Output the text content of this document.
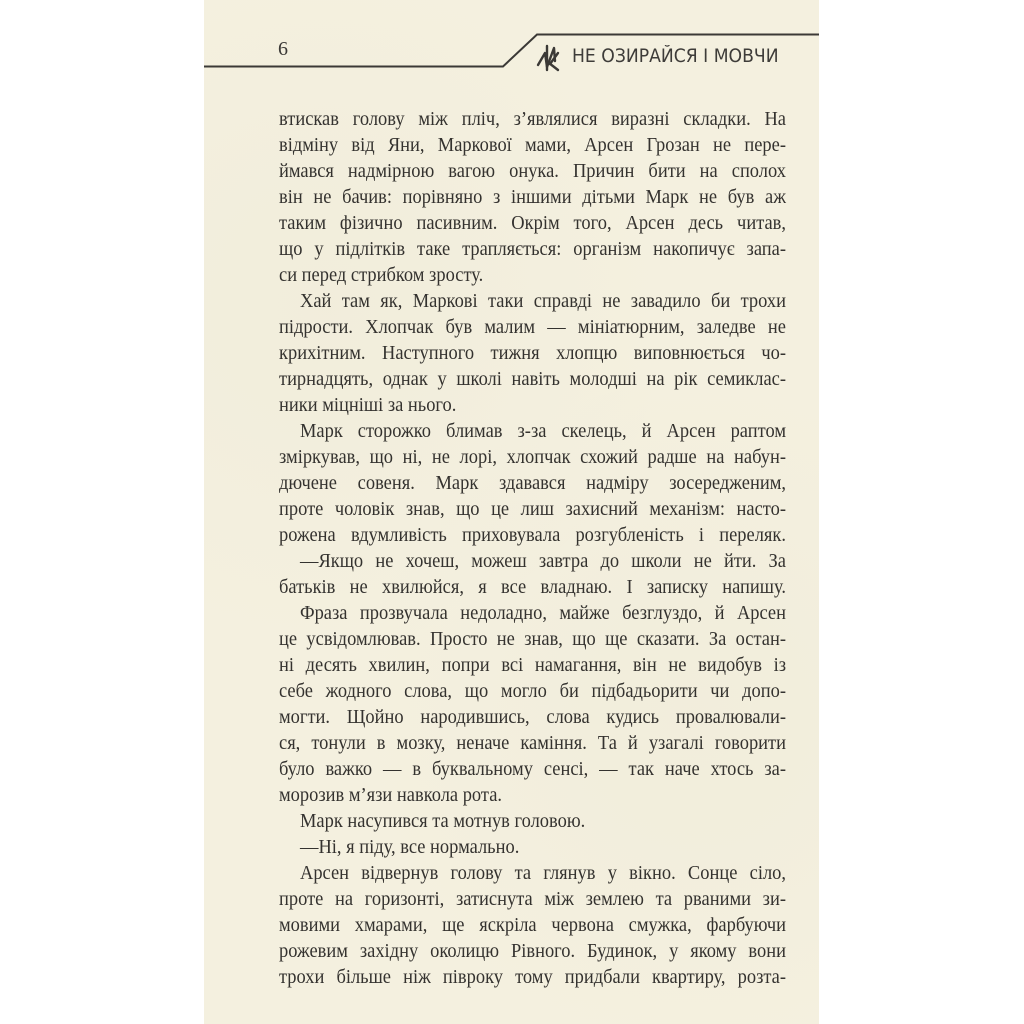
6	НЕ ОЗИРАЙСЯ І МОВЧИ
втискав голову між пліч, з’являлися виразні складки. На
відміну від Яни, Маркової мами, Арсен Грозан не пере-
ймався надмірною вагою онука. Причин бити на сполох
він не бачив: порівняно з іншими дітьми Марк не був аж
таким фізично пасивним. Окрім того, Арсен десь читав,
що у підлітків таке трапляється: організм накопичує запа-
си перед стрибком зросту.
Хай там як, Маркові таки справді не завадило би трохи
підрости. Хлопчак був малим — мініатюрним, заледве не
крихітним. Наступного тижня хлопцю виповнюється чо-
тирнадцять, однак у школі навіть молодші на рік семиклас-
ники міцніші за нього.
Марк сторожко блимав з-за скелець, й Арсен раптом
зміркував, що ні, не лорі, хлопчак схожий радше на набун-
дючене совеня. Марк здавався надміру зосередженим,
проте чоловік знав, що це лиш захисний механізм: насто-
рожена вдумливість приховувала розгубленість і переляк.
—Якщо не хочеш, можеш завтра до школи не йти. За
батьків не хвилюйся, я все владнаю. І записку напишу.
Фраза прозвучала недоладно, майже безглуздо, й Арсен
це усвідомлював. Просто не знав, що ще сказати. За остан-
ні десять хвилин, попри всі намагання, він не видобув із
себе жодного слова, що могло би підбадьорити чи допо-
могти. Щойно народившись, слова кудись провалювали-
ся, тонули в мозку, неначе каміння. Та й узагалі говорити
було важко — в буквальному сенсі, — так наче хтось за-
морозив м’язи навкола рота.
Марк насупився та мотнув головою.
—Ні, я піду, все нормально.
Арсен відвернув голову та глянув у вікно. Сонце сіло,
проте на горизонті, затиснута між землею та рваними зи-
мовими хмарами, ще яскріла червона смужка, фарбуючи
рожевим західну околицю Рівного. Будинок, у якому вони
трохи більше ніж півроку тому придбали квартиру, розта-
